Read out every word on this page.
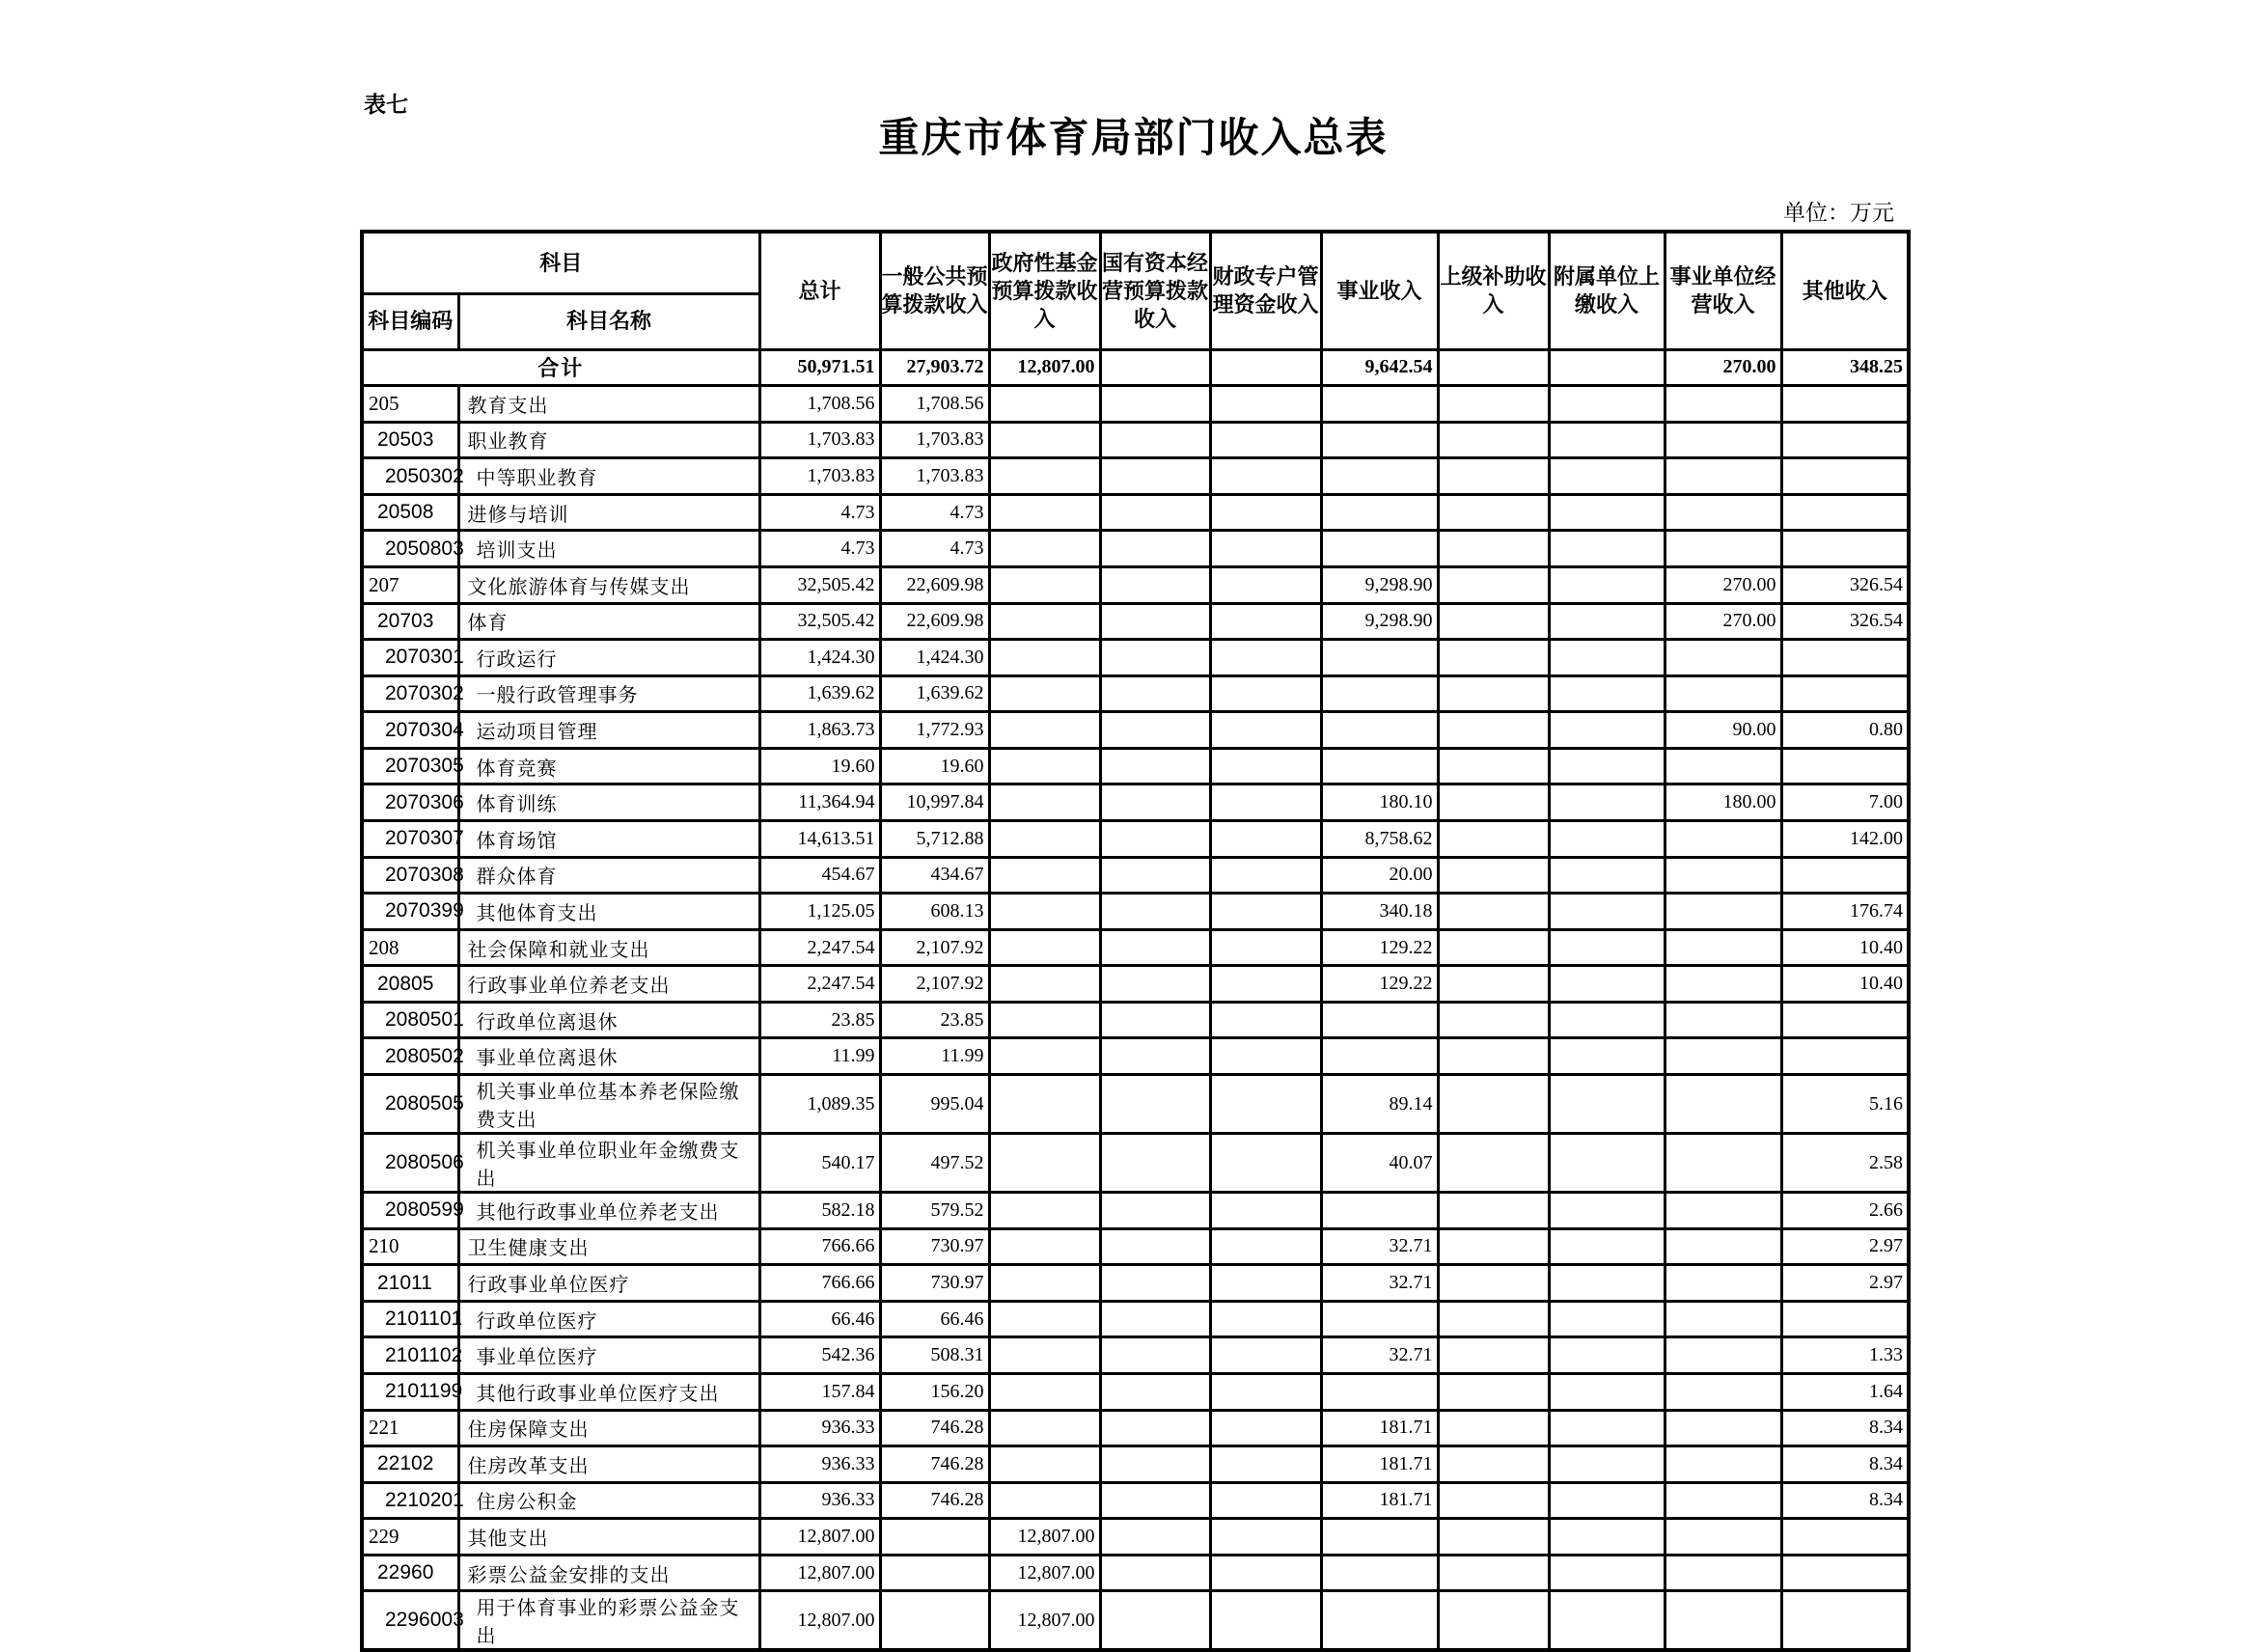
表七
重庆市体育局部门收入总表
单位：万元
科目		总计	一般公共预算拨款收入	政府性基金预算拨款收入	国有资本经营预算拨款收入	财政专户管理资金收入	事业收入	上级补助收入	附属单位上缴收入	事业单位经营收入	其他收入
科目编码	科目名称										
合计		50,971.51	27,903.72	12,807.00			9,642.54			270.00	348.25
205	教育支出	1,708.56	1,708.56								
20503	职业教育	1,703.83	1,703.83								
2050302	中等职业教育	1,703.83	1,703.83								
20508	进修与培训	4.73	4.73								
2050803	培训支出	4.73	4.73								
207	文化旅游体育与传媒支出	32,505.42	22,609.98				9,298.90			270.00	326.54
20703	体育	32,505.42	22,609.98				9,298.90			270.00	326.54
2070301	行政运行	1,424.30	1,424.30								
2070302	一般行政管理事务	1,639.62	1,639.62								
2070304	运动项目管理	1,863.73	1,772.93							90.00	0.80
2070305	体育竞赛	19.60	19.60								
2070306	体育训练	11,364.94	10,997.84				180.10			180.00	7.00
2070307	体育场馆	14,613.51	5,712.88				8,758.62				142.00
2070308	群众体育	454.67	434.67				20.00				
2070399	其他体育支出	1,125.05	608.13				340.18				176.74
208	社会保障和就业支出	2,247.54	2,107.92				129.22				10.40
20805	行政事业单位养老支出	2,247.54	2,107.92				129.22				10.40
2080501	行政单位离退休	23.85	23.85								
2080502	事业单位离退休	11.99	11.99								
2080505	机关事业单位基本养老保险缴费支出	1,089.35	995.04				89.14				5.16
2080506	机关事业单位职业年金缴费支出	540.17	497.52				40.07				2.58
2080599	其他行政事业单位养老支出	582.18	579.52								2.66
210	卫生健康支出	766.66	730.97				32.71				2.97
21011	行政事业单位医疗	766.66	730.97				32.71				2.97
2101101	行政单位医疗	66.46	66.46								
2101102	事业单位医疗	542.36	508.31				32.71				1.33
2101199	其他行政事业单位医疗支出	157.84	156.20								1.64
221	住房保障支出	936.33	746.28				181.71				8.34
22102	住房改革支出	936.33	746.28				181.71				8.34
2210201	住房公积金	936.33	746.28				181.71				8.34
229	其他支出	12,807.00		12,807.00							
22960	彩票公益金安排的支出	12,807.00		12,807.00							
2296003	用于体育事业的彩票公益金支出	12,807.00		12,807.00							
